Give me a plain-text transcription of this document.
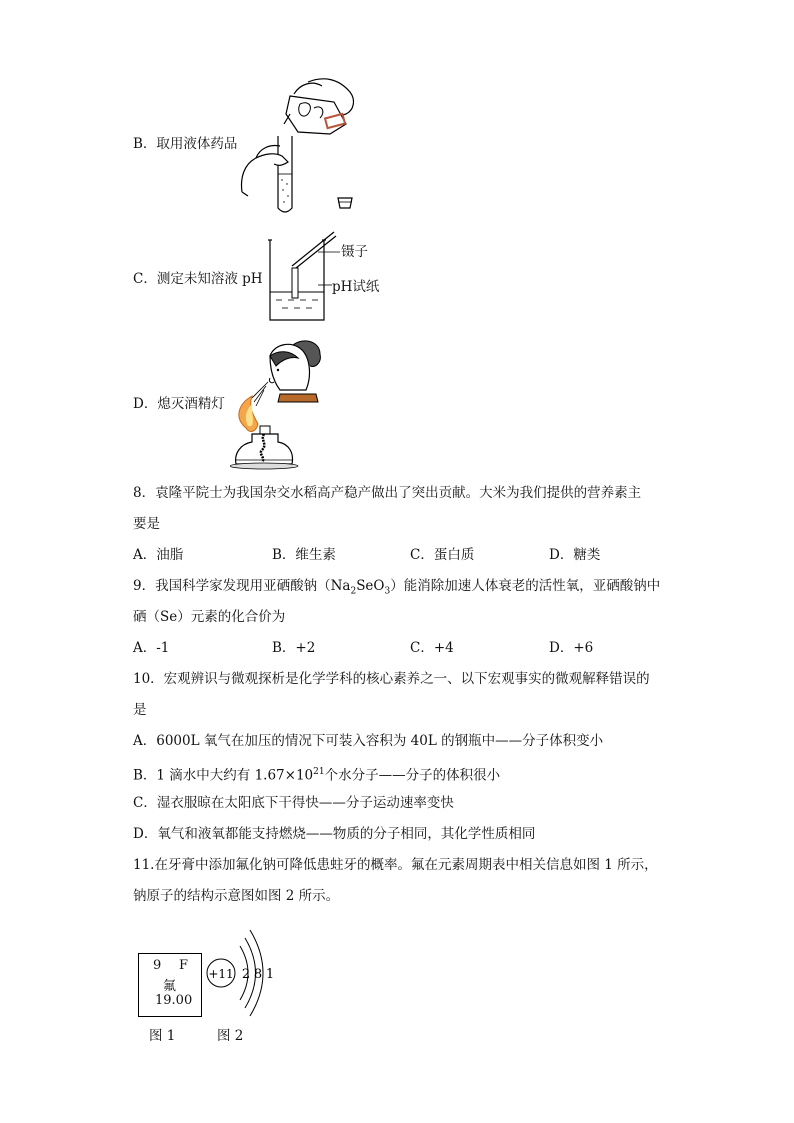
B．取用液体药品
C．测定未知溶液 pH
镊子
pH试纸
D．熄灭酒精灯
8．袁隆平院士为我国杂交水稻高产稳产做出了突出贡献。大米为我们提供的营养素主
要是
A．油脂	B．维生素	C．蛋白质	D．糖类
9．我国科学家发现用亚硒酸钠$(Na_2SeO_3)$能消除加速人体衰老的活性氧，亚硒酸钠中
硒（Se）元素的化合价为
A．-1	B．+2	C．+4	D．+6
10．宏观辨识与微观探析是化学学科的核心素养之一、以下宏观事实的微观解释错误的
是
A．6000L 氧气在加压的情况下可装入容积为 40L 的钢瓶中——分子体积变小
B．1 滴水中大约有 $1.67\times 10^{21}$个水分子——分子的体积很小
C．湿衣服晾在太阳底下干得快——分子运动速率变快
D．氧气和液氧都能支持燃烧——物质的分子相同，其化学性质相同
11.在牙膏中添加氟化钠可降低患蛀牙的概率。氟在元素周期表中相关信息如图 1 所示，
钠原子的结构示意图如图 2 所示。
9 F
氟
19.00
+11 2 8 1
图 1	图 2
